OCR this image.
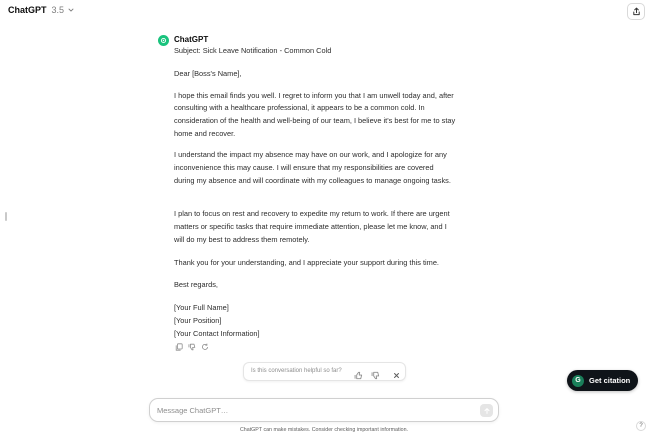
ChatGPT 3.5
ChatGPT

Subject: Sick Leave Notification - Common Cold

Dear [Boss's Name],

I hope this email finds you well. I regret to inform you that I am unwell today and, after consulting with a healthcare professional, it appears to be a common cold. In consideration of the health and well-being of our team, I believe it's best for me to stay home and recover.

I understand the impact my absence may have on our work, and I apologize for any inconvenience this may cause. I will ensure that my responsibilities are covered during my absence and will coordinate with my colleagues to manage ongoing tasks.

I plan to focus on rest and recovery to expedite my return to work. If there are urgent matters or specific tasks that require immediate attention, please let me know, and I will do my best to address them remotely.

Thank you for your understanding, and I appreciate your support during this time.

Best regards,

[Your Full Name]

[Your Position]

[Your Contact Information]

Is this conversation helpful so far?
G Get citation
Message ChatGPT…
ChatGPT can make mistakes. Consider checking important information.
?
